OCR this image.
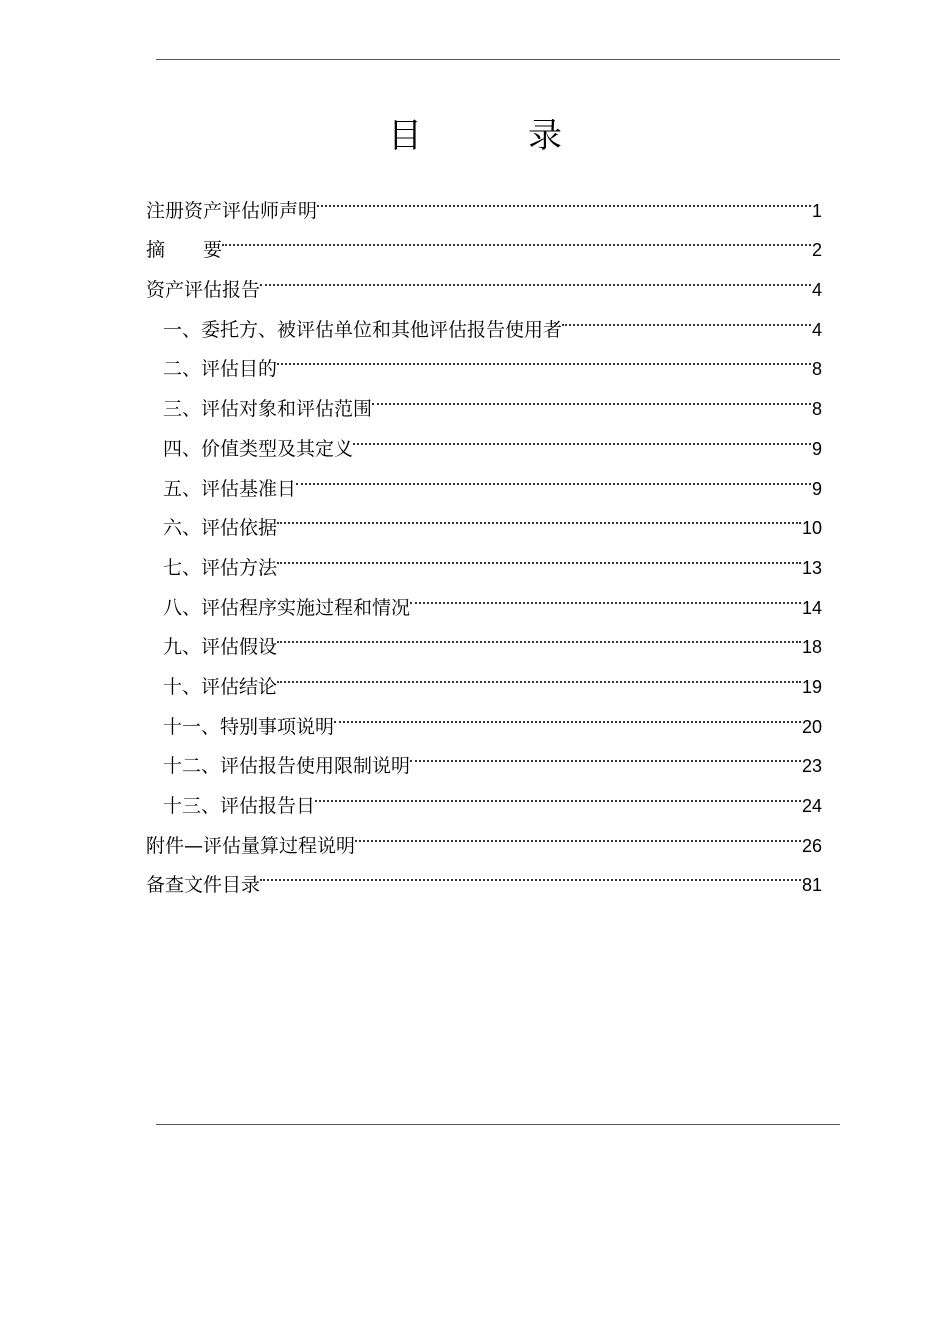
目　录
注册资产评估师声明	1
摘　　要	2
资产评估报告	4
一、委托方、被评估单位和其他评估报告使用者	4
二、评估目的	8
三、评估对象和评估范围	8
四、价值类型及其定义	9
五、评估基准日	9
六、评估依据	10
七、评估方法	13
八、评估程序实施过程和情况	14
九、评估假设	18
十、评估结论	19
十一、特别事项说明	20
十二、评估报告使用限制说明	23
十三、评估报告日	24
附件—评估量算过程说明	26
备查文件目录	81
